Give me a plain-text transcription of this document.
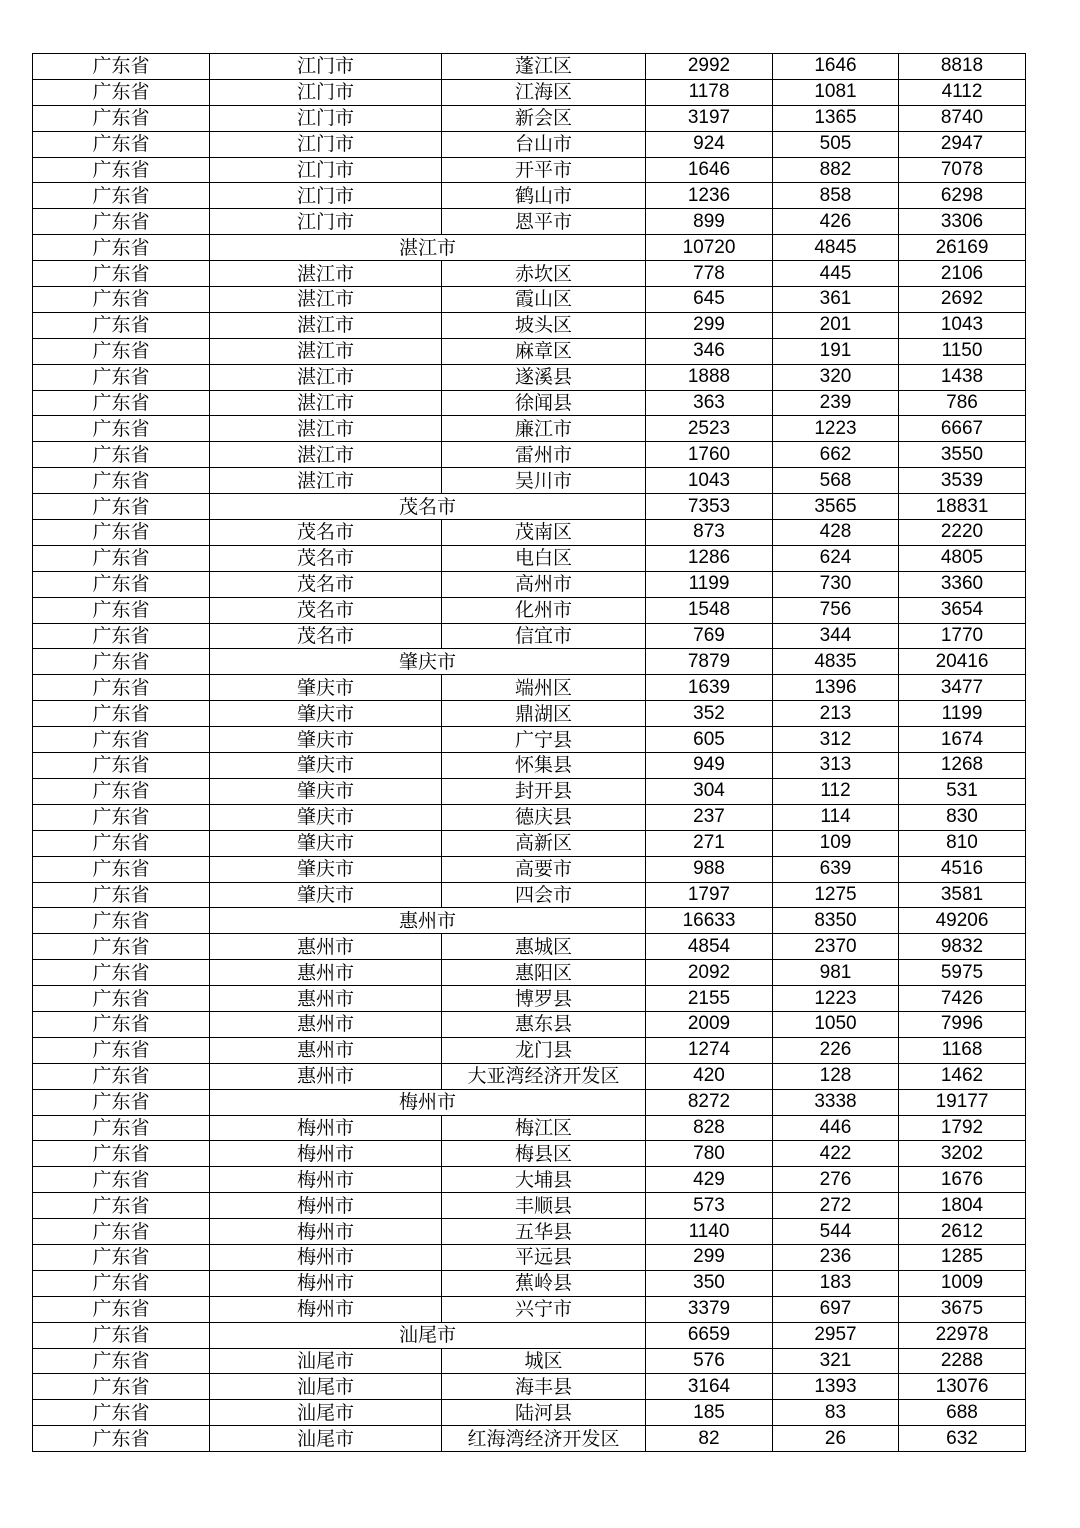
广东省	江门市	蓬江区	2992	1646	8818
广东省	江门市	江海区	1178	1081	4112
广东省	江门市	新会区	3197	1365	8740
广东省	江门市	台山市	924	505	2947
广东省	江门市	开平市	1646	882	7078
广东省	江门市	鹤山市	1236	858	6298
广东省	江门市	恩平市	899	426	3306
广东省	湛江市		10720	4845	26169
广东省	湛江市	赤坎区	778	445	2106
广东省	湛江市	霞山区	645	361	2692
广东省	湛江市	坡头区	299	201	1043
广东省	湛江市	麻章区	346	191	1150
广东省	湛江市	遂溪县	1888	320	1438
广东省	湛江市	徐闻县	363	239	786
广东省	湛江市	廉江市	2523	1223	6667
广东省	湛江市	雷州市	1760	662	3550
广东省	湛江市	吴川市	1043	568	3539
广东省	茂名市		7353	3565	18831
广东省	茂名市	茂南区	873	428	2220
广东省	茂名市	电白区	1286	624	4805
广东省	茂名市	高州市	1199	730	3360
广东省	茂名市	化州市	1548	756	3654
广东省	茂名市	信宜市	769	344	1770
广东省	肇庆市		7879	4835	20416
广东省	肇庆市	端州区	1639	1396	3477
广东省	肇庆市	鼎湖区	352	213	1199
广东省	肇庆市	广宁县	605	312	1674
广东省	肇庆市	怀集县	949	313	1268
广东省	肇庆市	封开县	304	112	531
广东省	肇庆市	德庆县	237	114	830
广东省	肇庆市	高新区	271	109	810
广东省	肇庆市	高要市	988	639	4516
广东省	肇庆市	四会市	1797	1275	3581
广东省	惠州市		16633	8350	49206
广东省	惠州市	惠城区	4854	2370	9832
广东省	惠州市	惠阳区	2092	981	5975
广东省	惠州市	博罗县	2155	1223	7426
广东省	惠州市	惠东县	2009	1050	7996
广东省	惠州市	龙门县	1274	226	1168
广东省	惠州市	大亚湾经济开发区	420	128	1462
广东省	梅州市		8272	3338	19177
广东省	梅州市	梅江区	828	446	1792
广东省	梅州市	梅县区	780	422	3202
广东省	梅州市	大埔县	429	276	1676
广东省	梅州市	丰顺县	573	272	1804
广东省	梅州市	五华县	1140	544	2612
广东省	梅州市	平远县	299	236	1285
广东省	梅州市	蕉岭县	350	183	1009
广东省	梅州市	兴宁市	3379	697	3675
广东省	汕尾市		6659	2957	22978
广东省	汕尾市	城区	576	321	2288
广东省	汕尾市	海丰县	3164	1393	13076
广东省	汕尾市	陆河县	185	83	688
广东省	汕尾市	红海湾经济开发区	82	26	632
